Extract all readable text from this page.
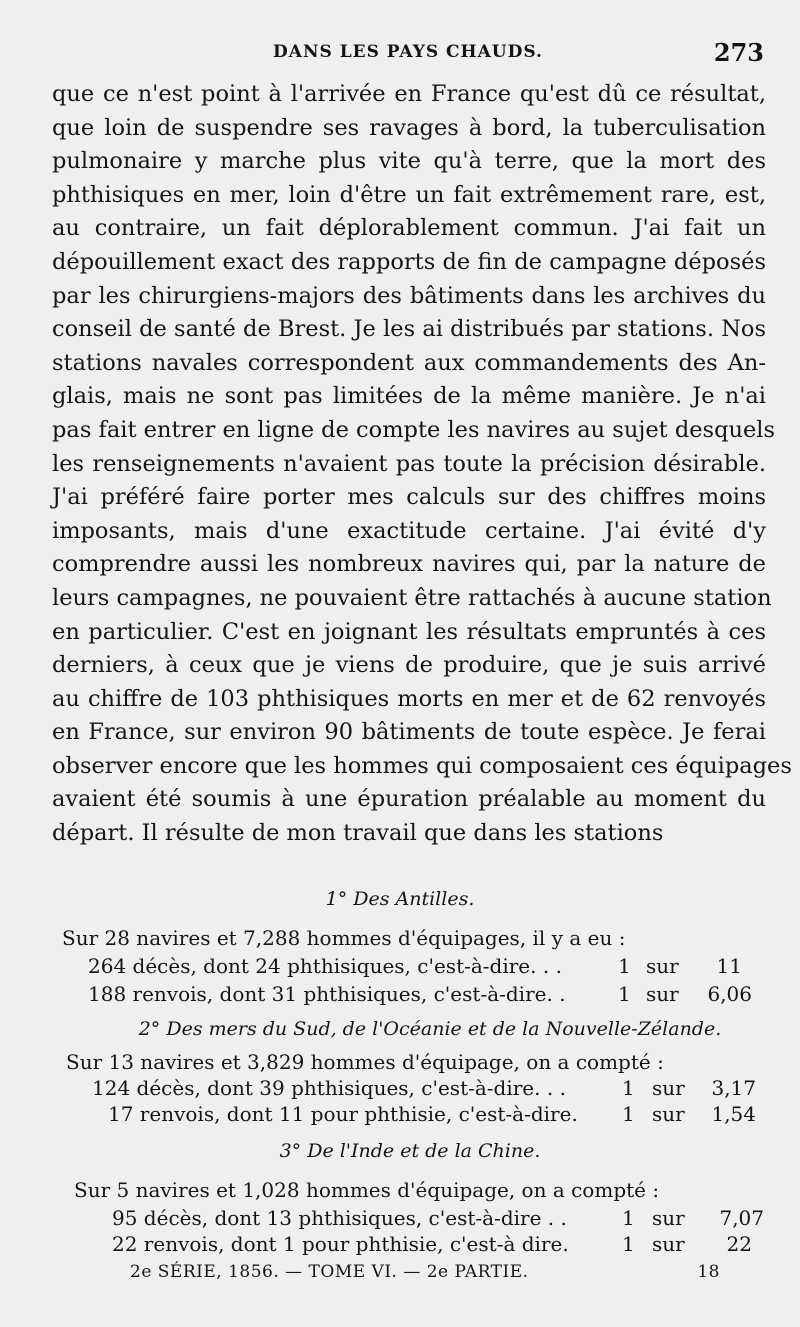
DANS LES PAYS CHAUDS.	273
que ce n'est point à l'arrivée en France qu'est dû ce résultat,
que loin de suspendre ses ravages à bord, la tuberculisation
pulmonaire y marche plus vite qu'à terre, que la mort des
phthisiques en mer, loin d'être un fait extrêmement rare, est,
au contraire, un fait déplorablement commun. J'ai fait un
dépouillement exact des rapports de fin de campagne déposés
par les chirurgiens-majors des bâtiments dans les archives du
conseil de santé de Brest. Je les ai distribués par stations. Nos
stations navales correspondent aux commandements des An-
glais, mais ne sont pas limitées de la même manière. Je n'ai
pas fait entrer en ligne de compte les navires au sujet desquels
les renseignements n'avaient pas toute la précision désirable.
J'ai préféré faire porter mes calculs sur des chiffres moins
imposants, mais d'une exactitude certaine. J'ai évité d'y
comprendre aussi les nombreux navires qui, par la nature de
leurs campagnes, ne pouvaient être rattachés à aucune station
en particulier. C'est en joignant les résultats empruntés à ces
derniers, à ceux que je viens de produire, que je suis arrivé
au chiffre de 103 phthisiques morts en mer et de 62 renvoyés
en France, sur environ 90 bâtiments de toute espèce. Je ferai
observer encore que les hommes qui composaient ces équipages
avaient été soumis à une épuration préalable au moment du
départ. Il résulte de mon travail que dans les stations
1° Des Antilles.
Sur 28 navires et 7,288 hommes d'équipages, il y a eu :
264 décès, dont 24 phthisiques, c'est-à-dire. . .	1 sur	11
188 renvois, dont 31 phthisiques, c'est-à-dire. .	1 sur	6,06
2° Des mers du Sud, de l'Océanie et de la Nouvelle-Zélande.
Sur 13 navires et 3,829 hommes d'équipage, on a compté :
124 décès, dont 39 phthisiques, c'est-à-dire. . .	1 sur	3,17
17 renvois, dont 11 pour phthisie, c'est-à-dire. 1 sur	1,54
3° De l'Inde et de la Chine.
Sur 5 navires et 1,028 hommes d'équipage, on a compté :
95 décès, dont 13 phthisiques, c'est-à-dire . .	1 sur	7,07
22 renvois, dont 1 pour phthisie, c'est-à dire.	1 sur	22
2e SÉRIE, 1856. — TOME VI. — 2e PARTIE.	18
